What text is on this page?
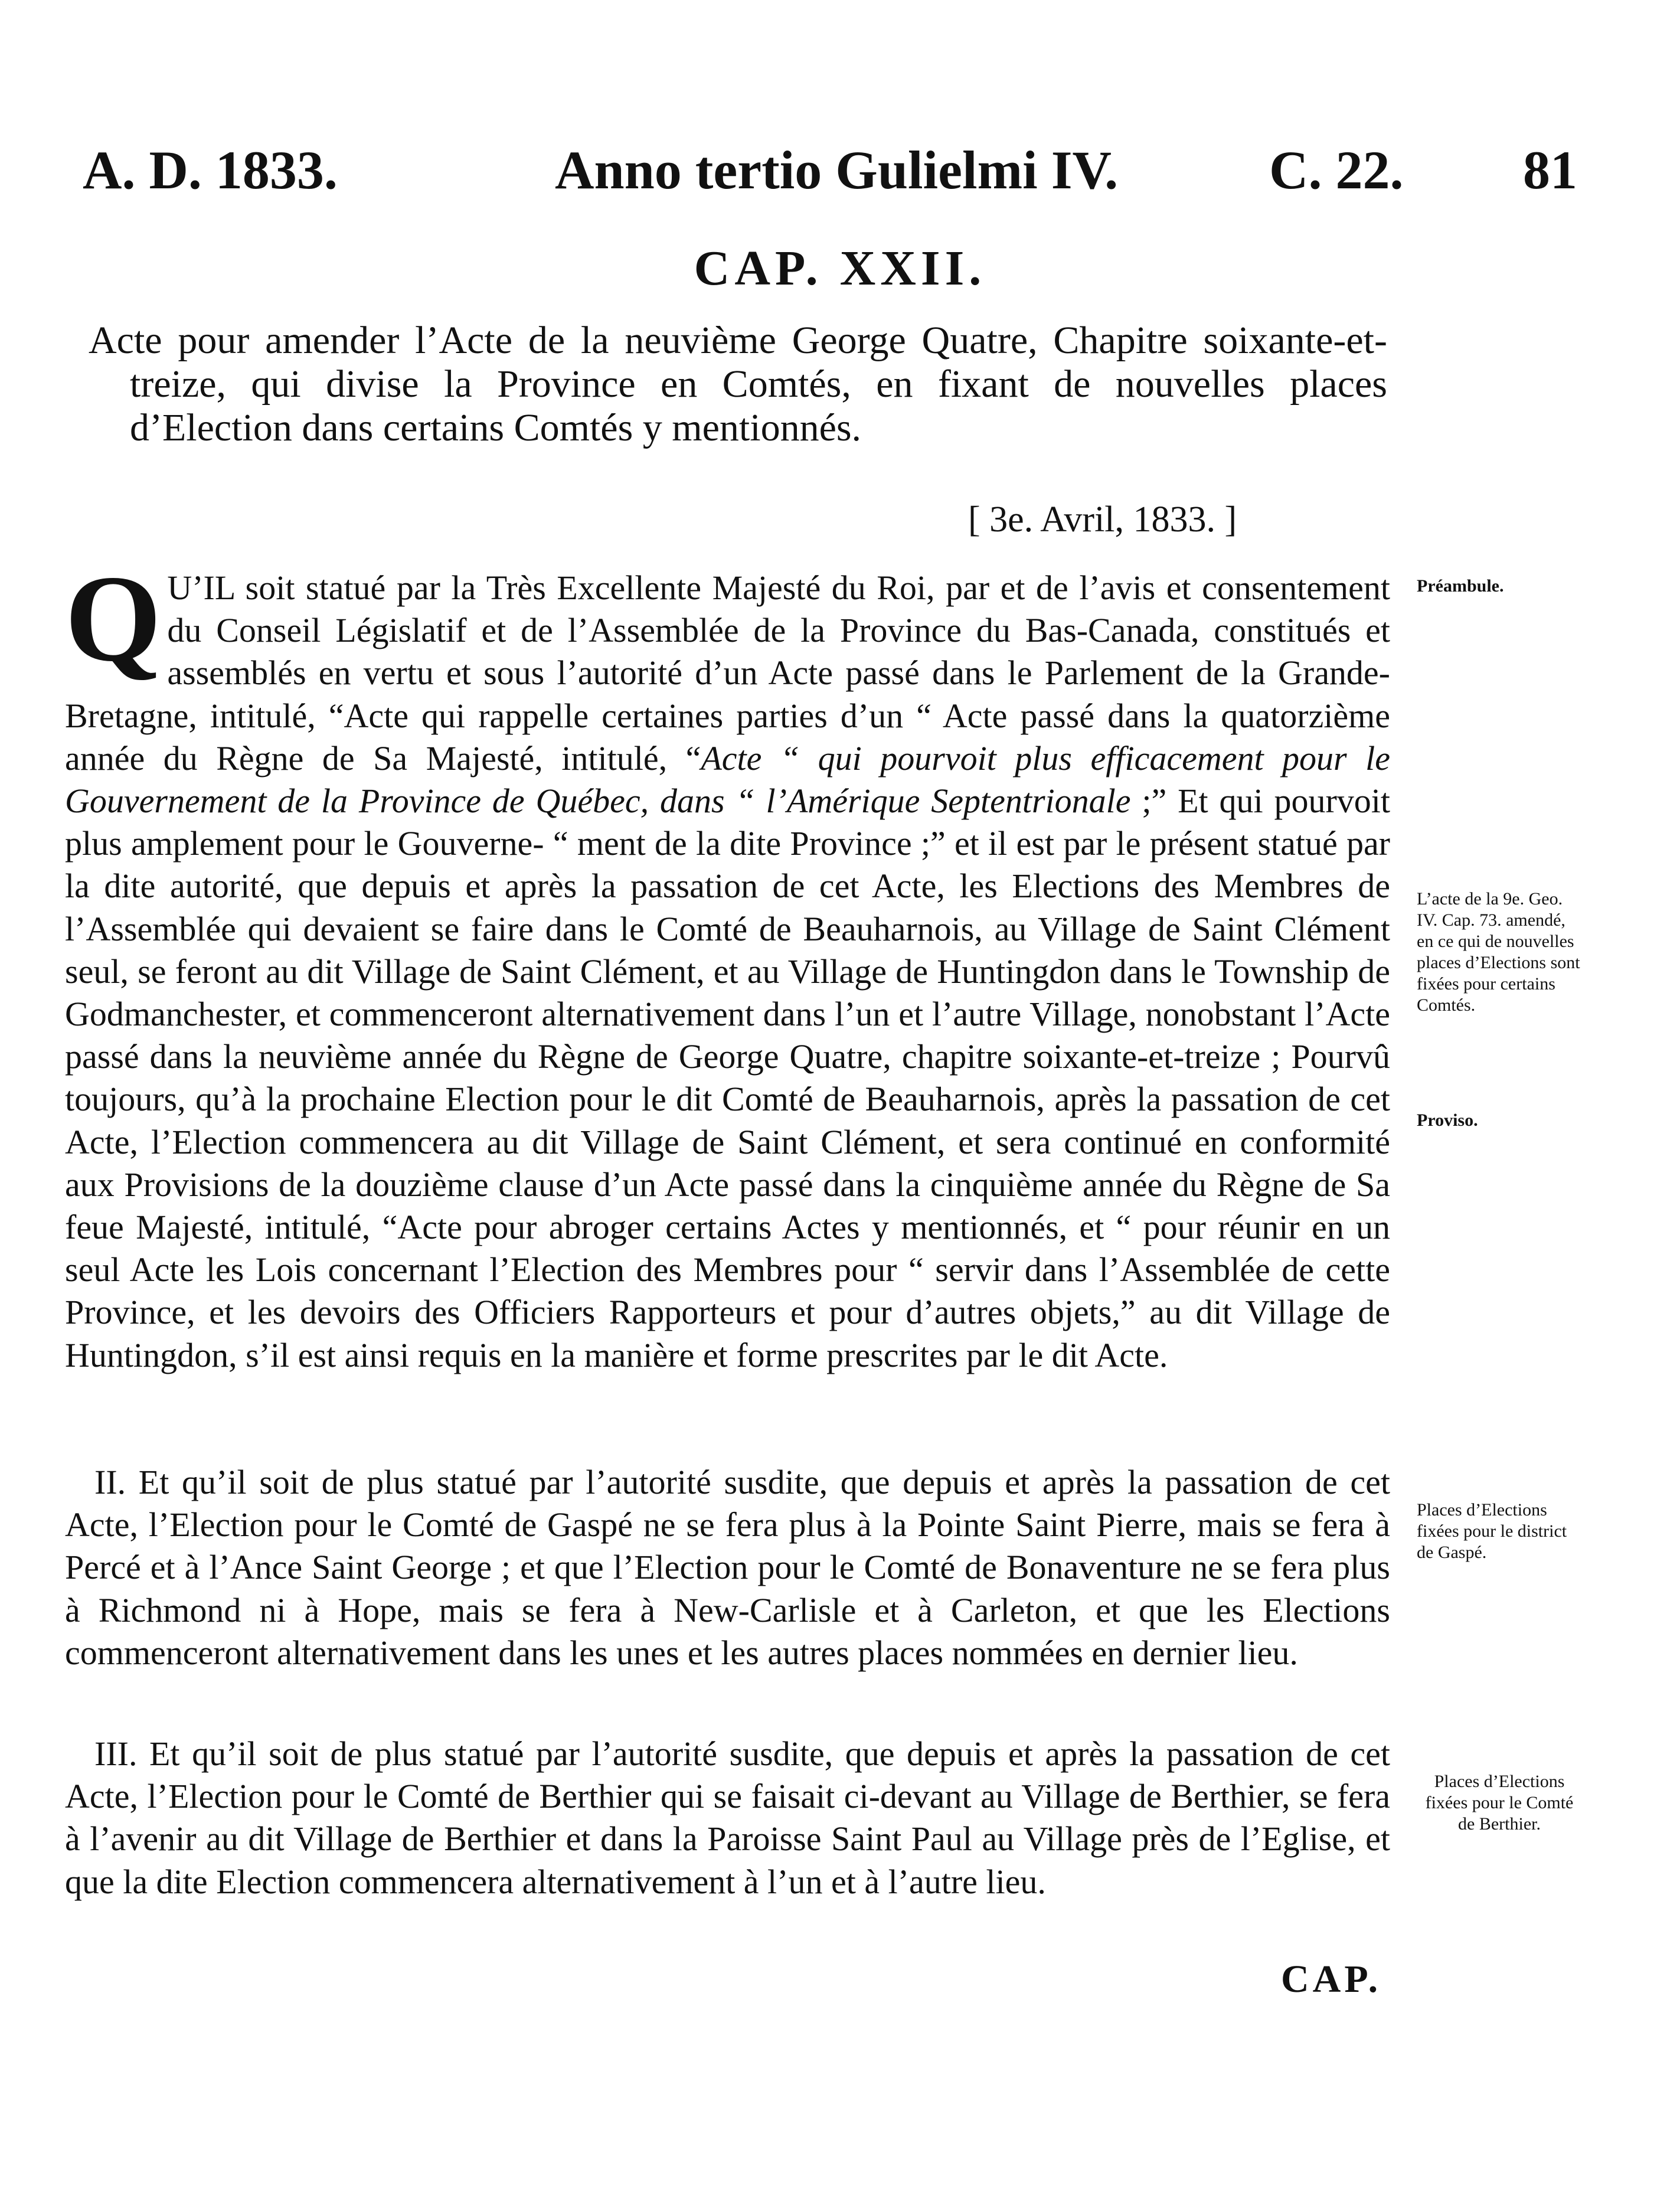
A. D. 1833.	Anno tertio Gulielmi IV.	C. 22. 81
CAP. XXII.
Acte pour amender l’Acte de la neuvième George Quatre, Chapitre soixante-et-treize, qui divise la Province en Comtés, en fixant de nouvelles places d’Election dans certains Comtés y mentionnés.
[ 3e. Avril, 1833. ]

Q U’IL soit statué par la Très Excellente Majesté du Roi, par et de l’avis et consentement du Conseil Législatif et de l’Assemblée de la Province du Bas-Canada, constitués et assemblés en vertu et sous l’autorité d’un Acte passé dans le Parlement de la Grande-Bretagne, intitulé, “Acte qui rappelle certaines parties d’un “ Acte passé dans la quatorzième année du Règne de Sa Majesté, intitulé, “Acte “ qui pourvoit plus efficacement pour le Gouvernement de la Province de Québec, dans “ l’Amérique Septentrionale ;” Et qui pourvoit plus amplement pour le Gouverne- “ ment de la dite Province ;” et il est par le présent statué par la dite autorité, que depuis et après la passation de cet Acte, les Elections des Membres de l’Assemblée qui devaient se faire dans le Comté de Beauharnois, au Village de Saint Clément seul, se feront au dit Village de Saint Clément, et au Village de Huntingdon dans le Township de Godmanchester, et commenceront alternativement dans l’un et l’autre Village, nonobstant l’Acte passé dans la neuvième année du Règne de George Quatre, chapitre soixante-et-treize ; Pourvû toujours, qu’à la prochaine Election pour le dit Comté de Beauharnois, après la passation de cet Acte, l’Election commencera au dit Village de Saint Clément, et sera continué en conformité aux Provisions de la douzième clause d’un Acte passé dans la cinquième année du Règne de Sa feue Majesté, intitulé, “Acte pour abroger certains Actes y mentionnés, et “ pour réunir en un seul Acte les Lois concernant l’Election des Membres pour “ servir dans l’Assemblée de cette Province, et les devoirs des Officiers Rapporteurs et pour d’autres objets,” au dit Village de Huntingdon, s’il est ainsi requis en la manière et forme prescrites par le dit Acte.

II. Et qu’il soit de plus statué par l’autorité susdite, que depuis et après la passation de cet Acte, l’Election pour le Comté de Gaspé ne se fera plus à la Pointe Saint Pierre, mais se fera à Percé et à l’Ance Saint George ; et que l’Election pour le Comté de Bonaventure ne se fera plus à Richmond ni à Hope, mais se fera à New-Carlisle et à Carleton, et que les Elections commenceront alternativement dans les unes et les autres places nommées en dernier lieu.
III. Et qu’il soit de plus statué par l’autorité susdite, que depuis et après la passation de cet Acte, l’Election pour le Comté de Berthier qui se faisait ci-devant au Village de Berthier, se fera à l’avenir au dit Village de Berthier et dans la Paroisse Saint Paul au Village près de l’Eglise, et que la dite Election commencera alternativement à l’un et à l’autre lieu.
Préambule.
L’acte de la 9e. Geo. IV. Cap. 73. amendé, en ce qui de nouvelles places d’Elections sont fixées pour certains Comtés.
Proviso.
Places d’Elections fixées pour le district de Gaspé.
Places d’Elections fixées pour le Comté de Berthier.
CAP.
